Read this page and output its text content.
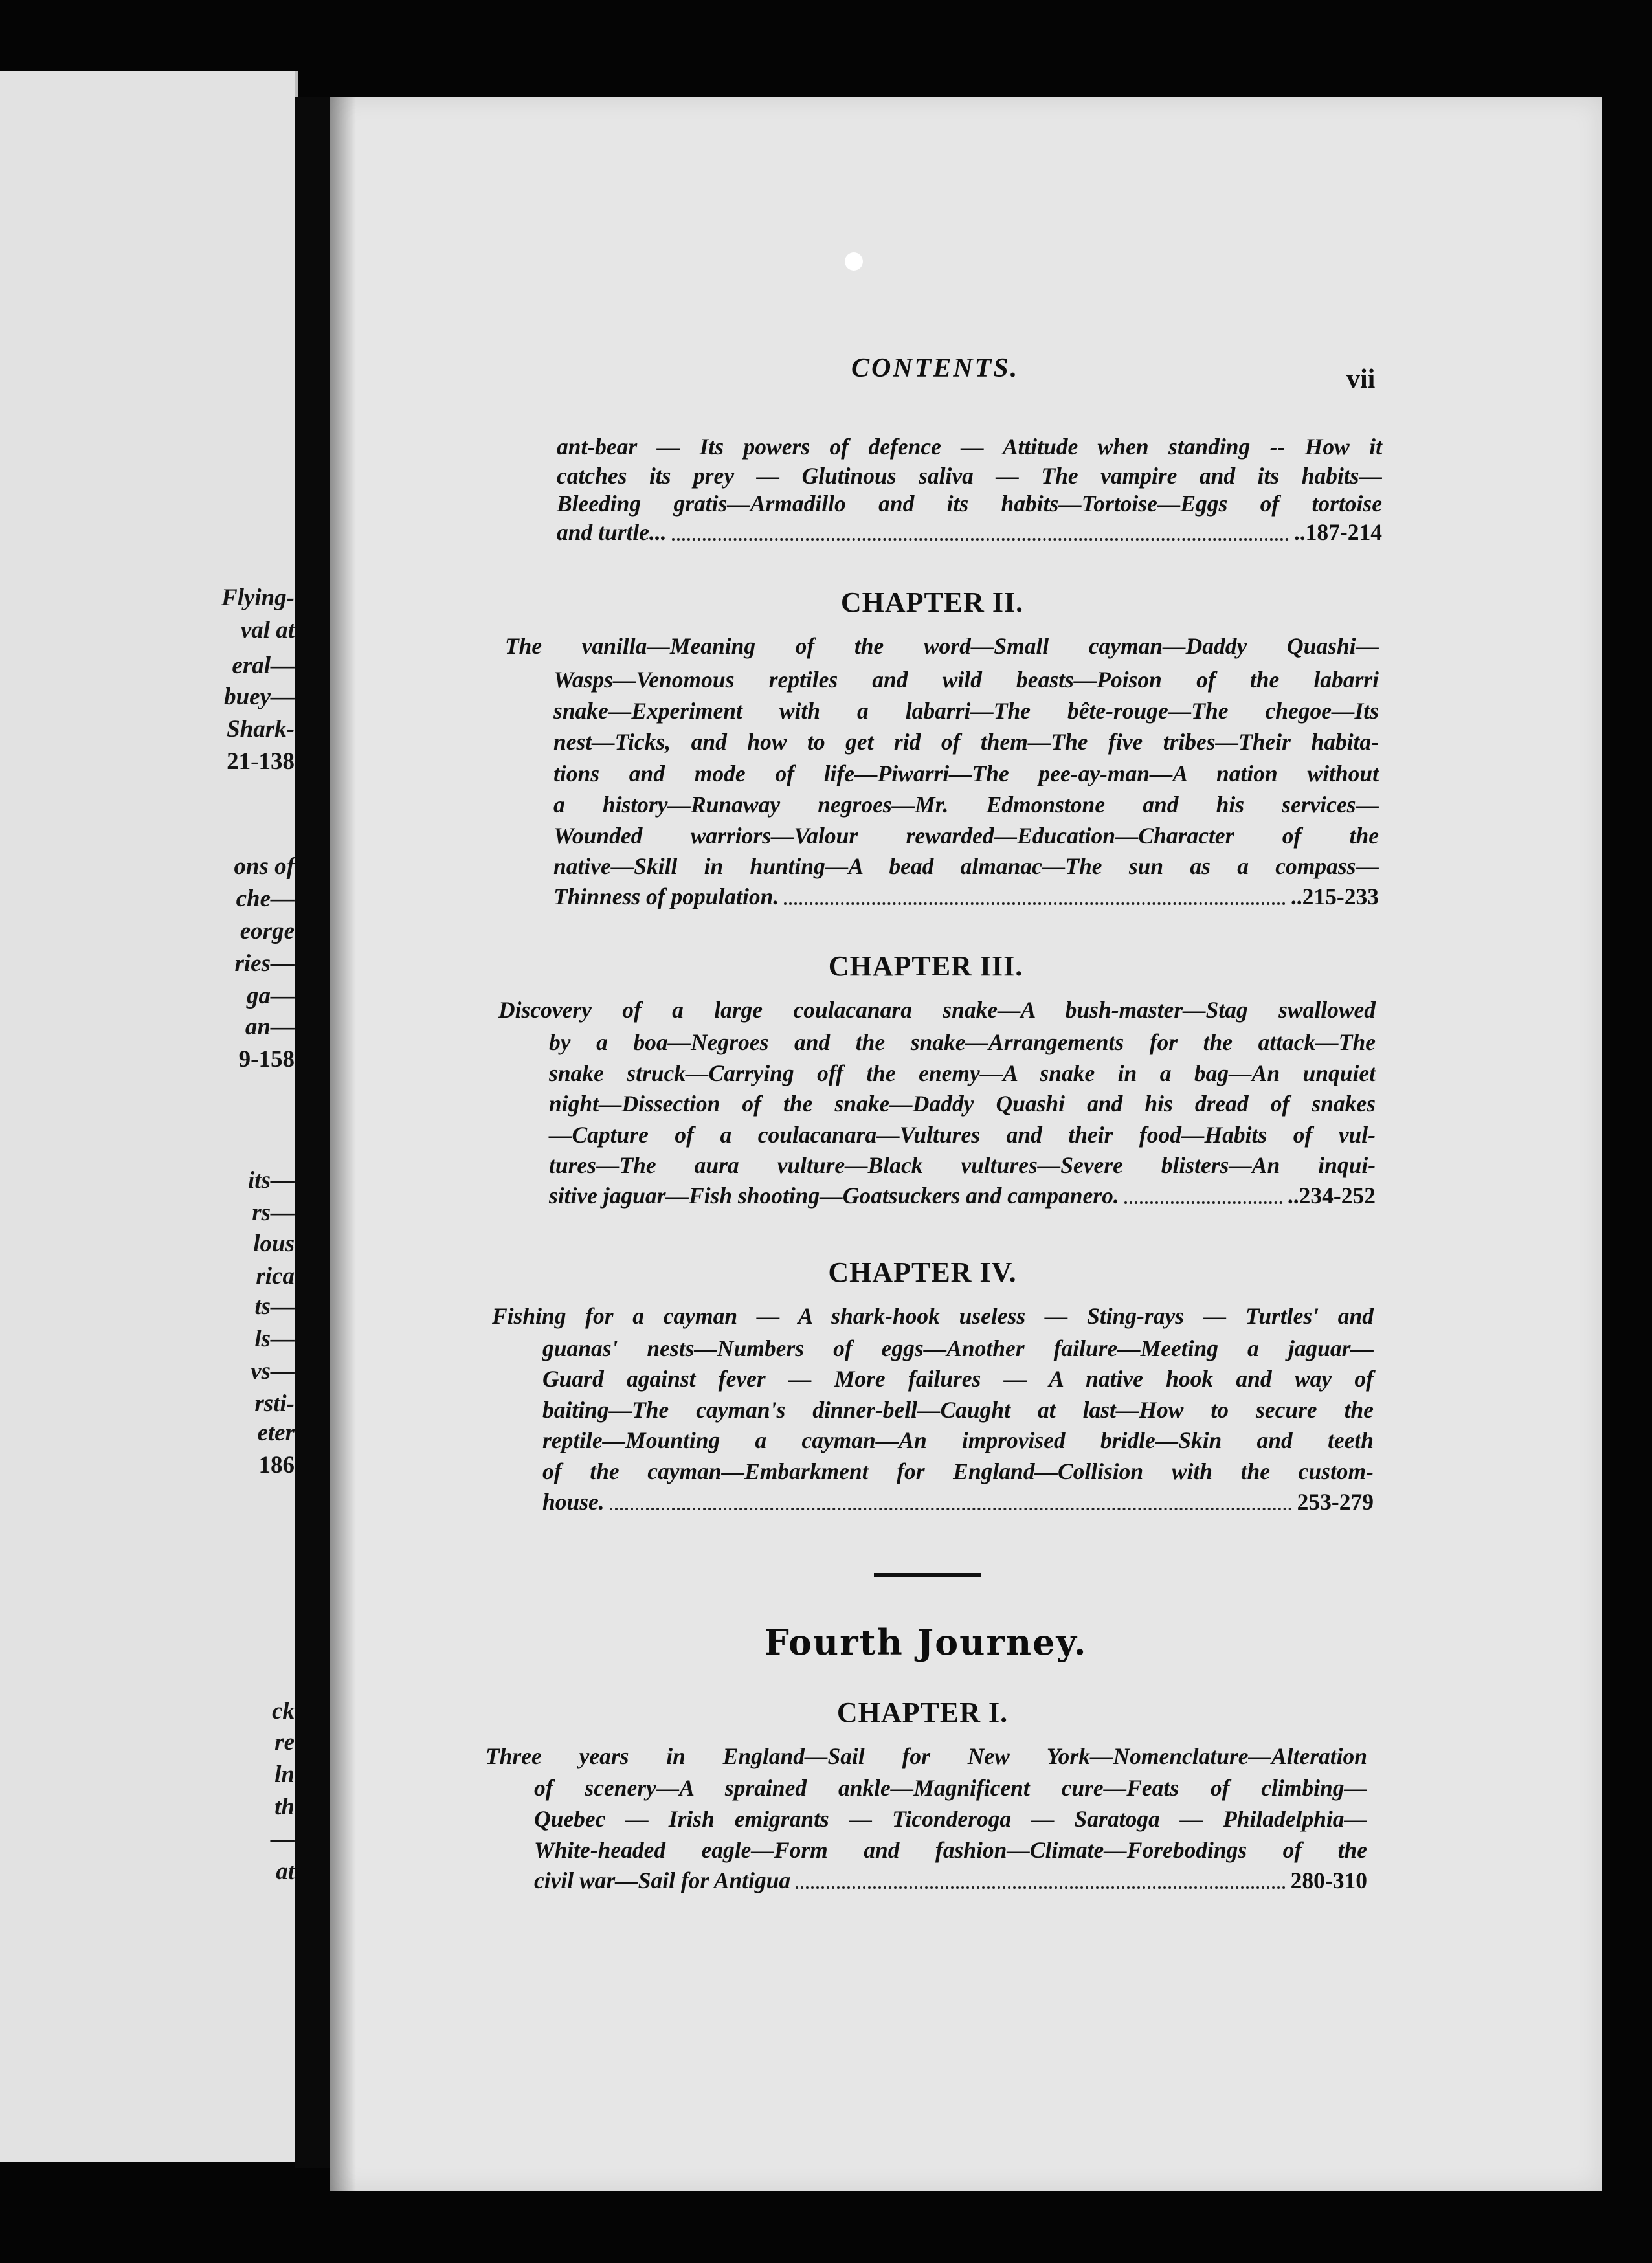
Flying-
val at
eral—
buey—
Shark-
21-138
ons of
che—
eorge
ries—
ga—
an—
9-158
its—
rs—
lous
rica
ts—
ls—
vs—
rsti-
eter
186
ck
re
ln
th
—
at
CONTENTS.	vii
ant-bear — Its powers of defence — Attitude when standing -- How it
catches its prey — Glutinous saliva — The vampire and its habits—
Bleeding gratis—Armadillo and its habits—Tortoise—Eggs of tortoise
and turtle...	..187-214
CHAPTER II.
The vanilla—Meaning of the word—Small cayman—Daddy Quashi—
Wasps—Venomous reptiles and wild beasts—Poison of the labarri
snake—Experiment with a labarri—The bête-rouge—The chegoe—Its
nest—Ticks, and how to get rid of them—The five tribes—Their habita-
tions and mode of life—Piwarri—The pee-ay-man—A nation without
a history—Runaway negroes—Mr. Edmonstone and his services—
Wounded warriors—Valour rewarded—Education—Character of the
native—Skill in hunting—A bead almanac—The sun as a compass—
Thinness of population.	..215-233
CHAPTER III.
Discovery of a large coulacanara snake—A bush-master—Stag swallowed
by a boa—Negroes and the snake—Arrangements for the attack—The
snake struck—Carrying off the enemy—A snake in a bag—An unquiet
night—Dissection of the snake—Daddy Quashi and his dread of snakes
—Capture of a coulacanara—Vultures and their food—Habits of vul-
tures—The aura vulture—Black vultures—Severe blisters—An inqui-
sitive jaguar—Fish shooting—Goatsuckers and campanero.	..234-252
CHAPTER IV.
Fishing for a cayman — A shark-hook useless — Sting-rays — Turtles' and
guanas' nests—Numbers of eggs—Another failure—Meeting a jaguar—
Guard against fever — More failures — A native hook and way of
baiting—The cayman's dinner-bell—Caught at last—How to secure the
reptile—Mounting a cayman—An improvised bridle—Skin and teeth
of the cayman—Embarkment for England—Collision with the custom-
house.	253-279
Fourth Journey.
CHAPTER I.
Three years in England—Sail for New York—Nomenclature—Alteration
of scenery—A sprained ankle—Magnificent cure—Feats of climbing—
Quebec — Irish emigrants — Ticonderoga — Saratoga — Philadelphia—
White-headed eagle—Form and fashion—Climate—Forebodings of the
civil war—Sail for Antigua	280-310
